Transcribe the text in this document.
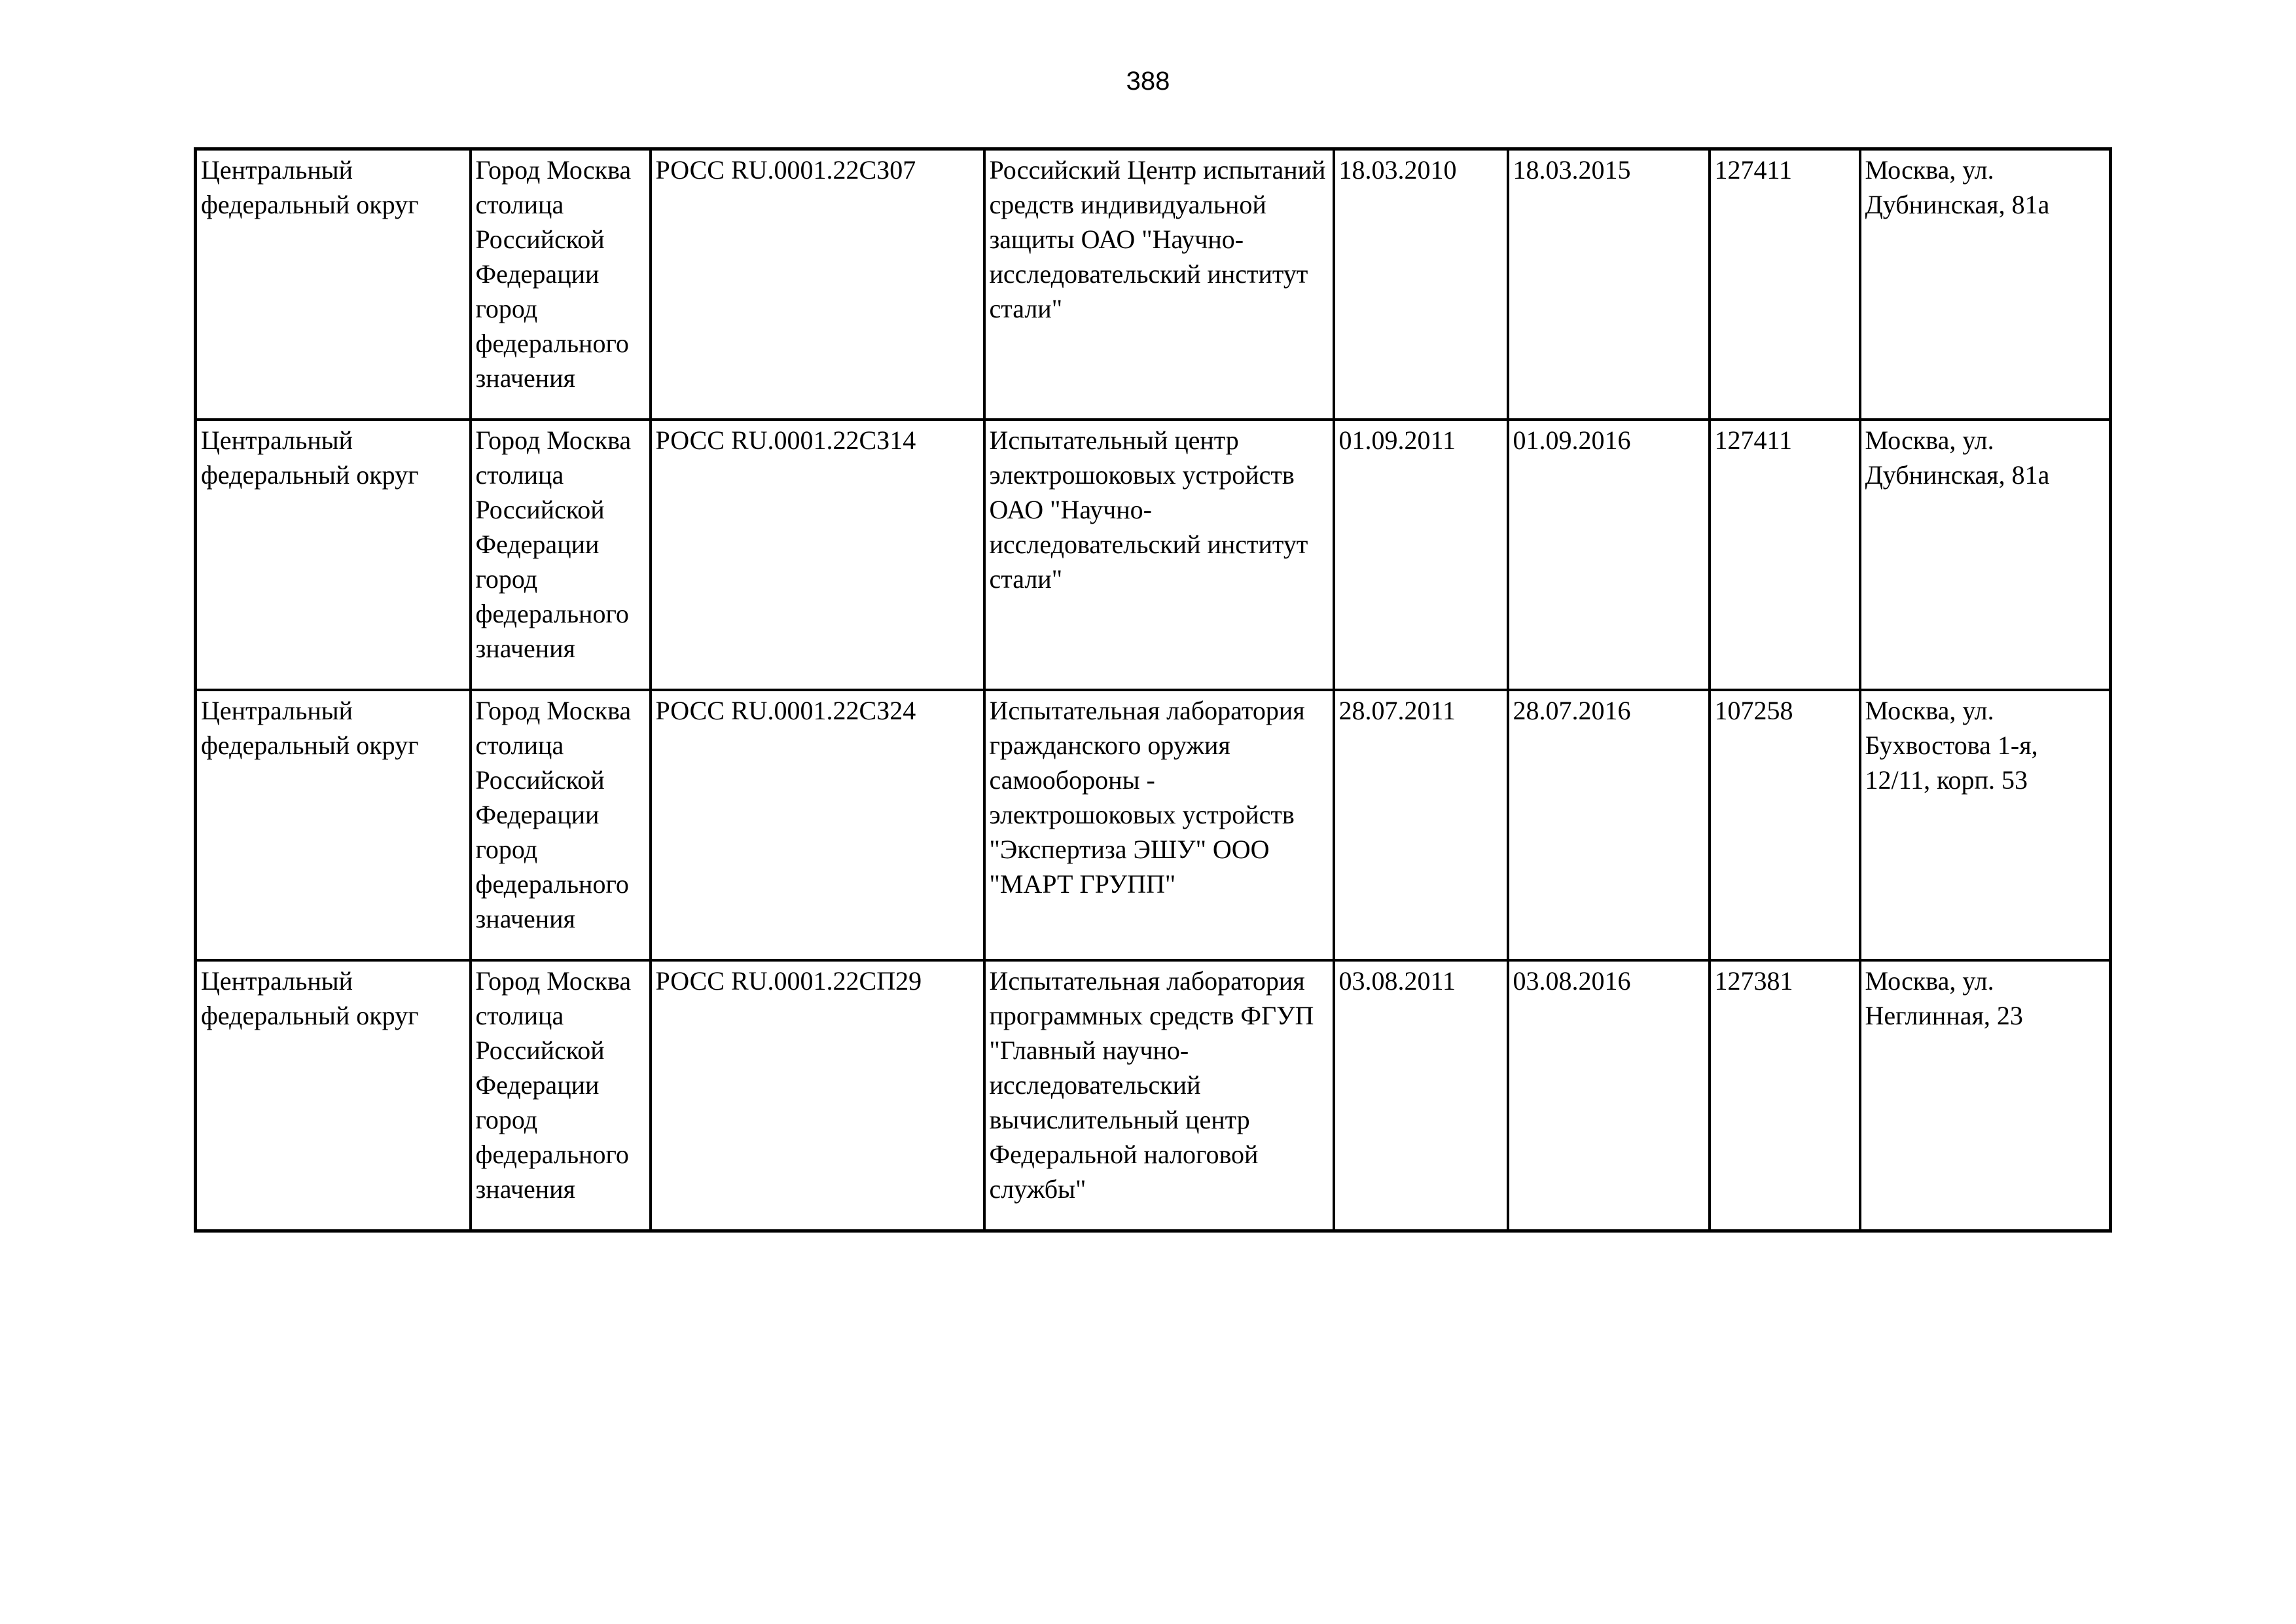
388
Центральный федеральный округ	Город Москва столица Российской Федерации город федерального значения	РОСС RU.0001.22СЗ07	Российский Центр испытаний средств индивидуальной защиты ОАО "Научно-исследовательский институт стали"	18.03.2010	18.03.2015	127411	Москва, ул. Дубнинская, 81а

Центральный федеральный округ	Город Москва столица Российской Федерации город федерального значения	РОСС RU.0001.22СЗ14	Испытательный центр электрошоковых устройств ОАО "Научно-исследовательский институт стали"	01.09.2011	01.09.2016	127411	Москва, ул. Дубнинская, 81а

Центральный федеральный округ	Город Москва столица Российской Федерации город федерального значения	РОСС RU.0001.22СЗ24	Испытательная лаборатория гражданского оружия самообороны - электрошоковых устройств "Экспертиза ЭШУ" ООО "МАРТ ГРУПП"	28.07.2011	28.07.2016	107258	Москва, ул. Бухвостова 1-я, 12/11, корп. 53

Центральный федеральный округ	Город Москва столица Российской Федерации город федерального значения	РОСС RU.0001.22СП29	Испытательная лаборатория программных средств ФГУП "Главный научно-исследовательский вычислительный центр Федеральной налоговой службы"	03.08.2011	03.08.2016	127381	Москва, ул. Неглинная, 23
